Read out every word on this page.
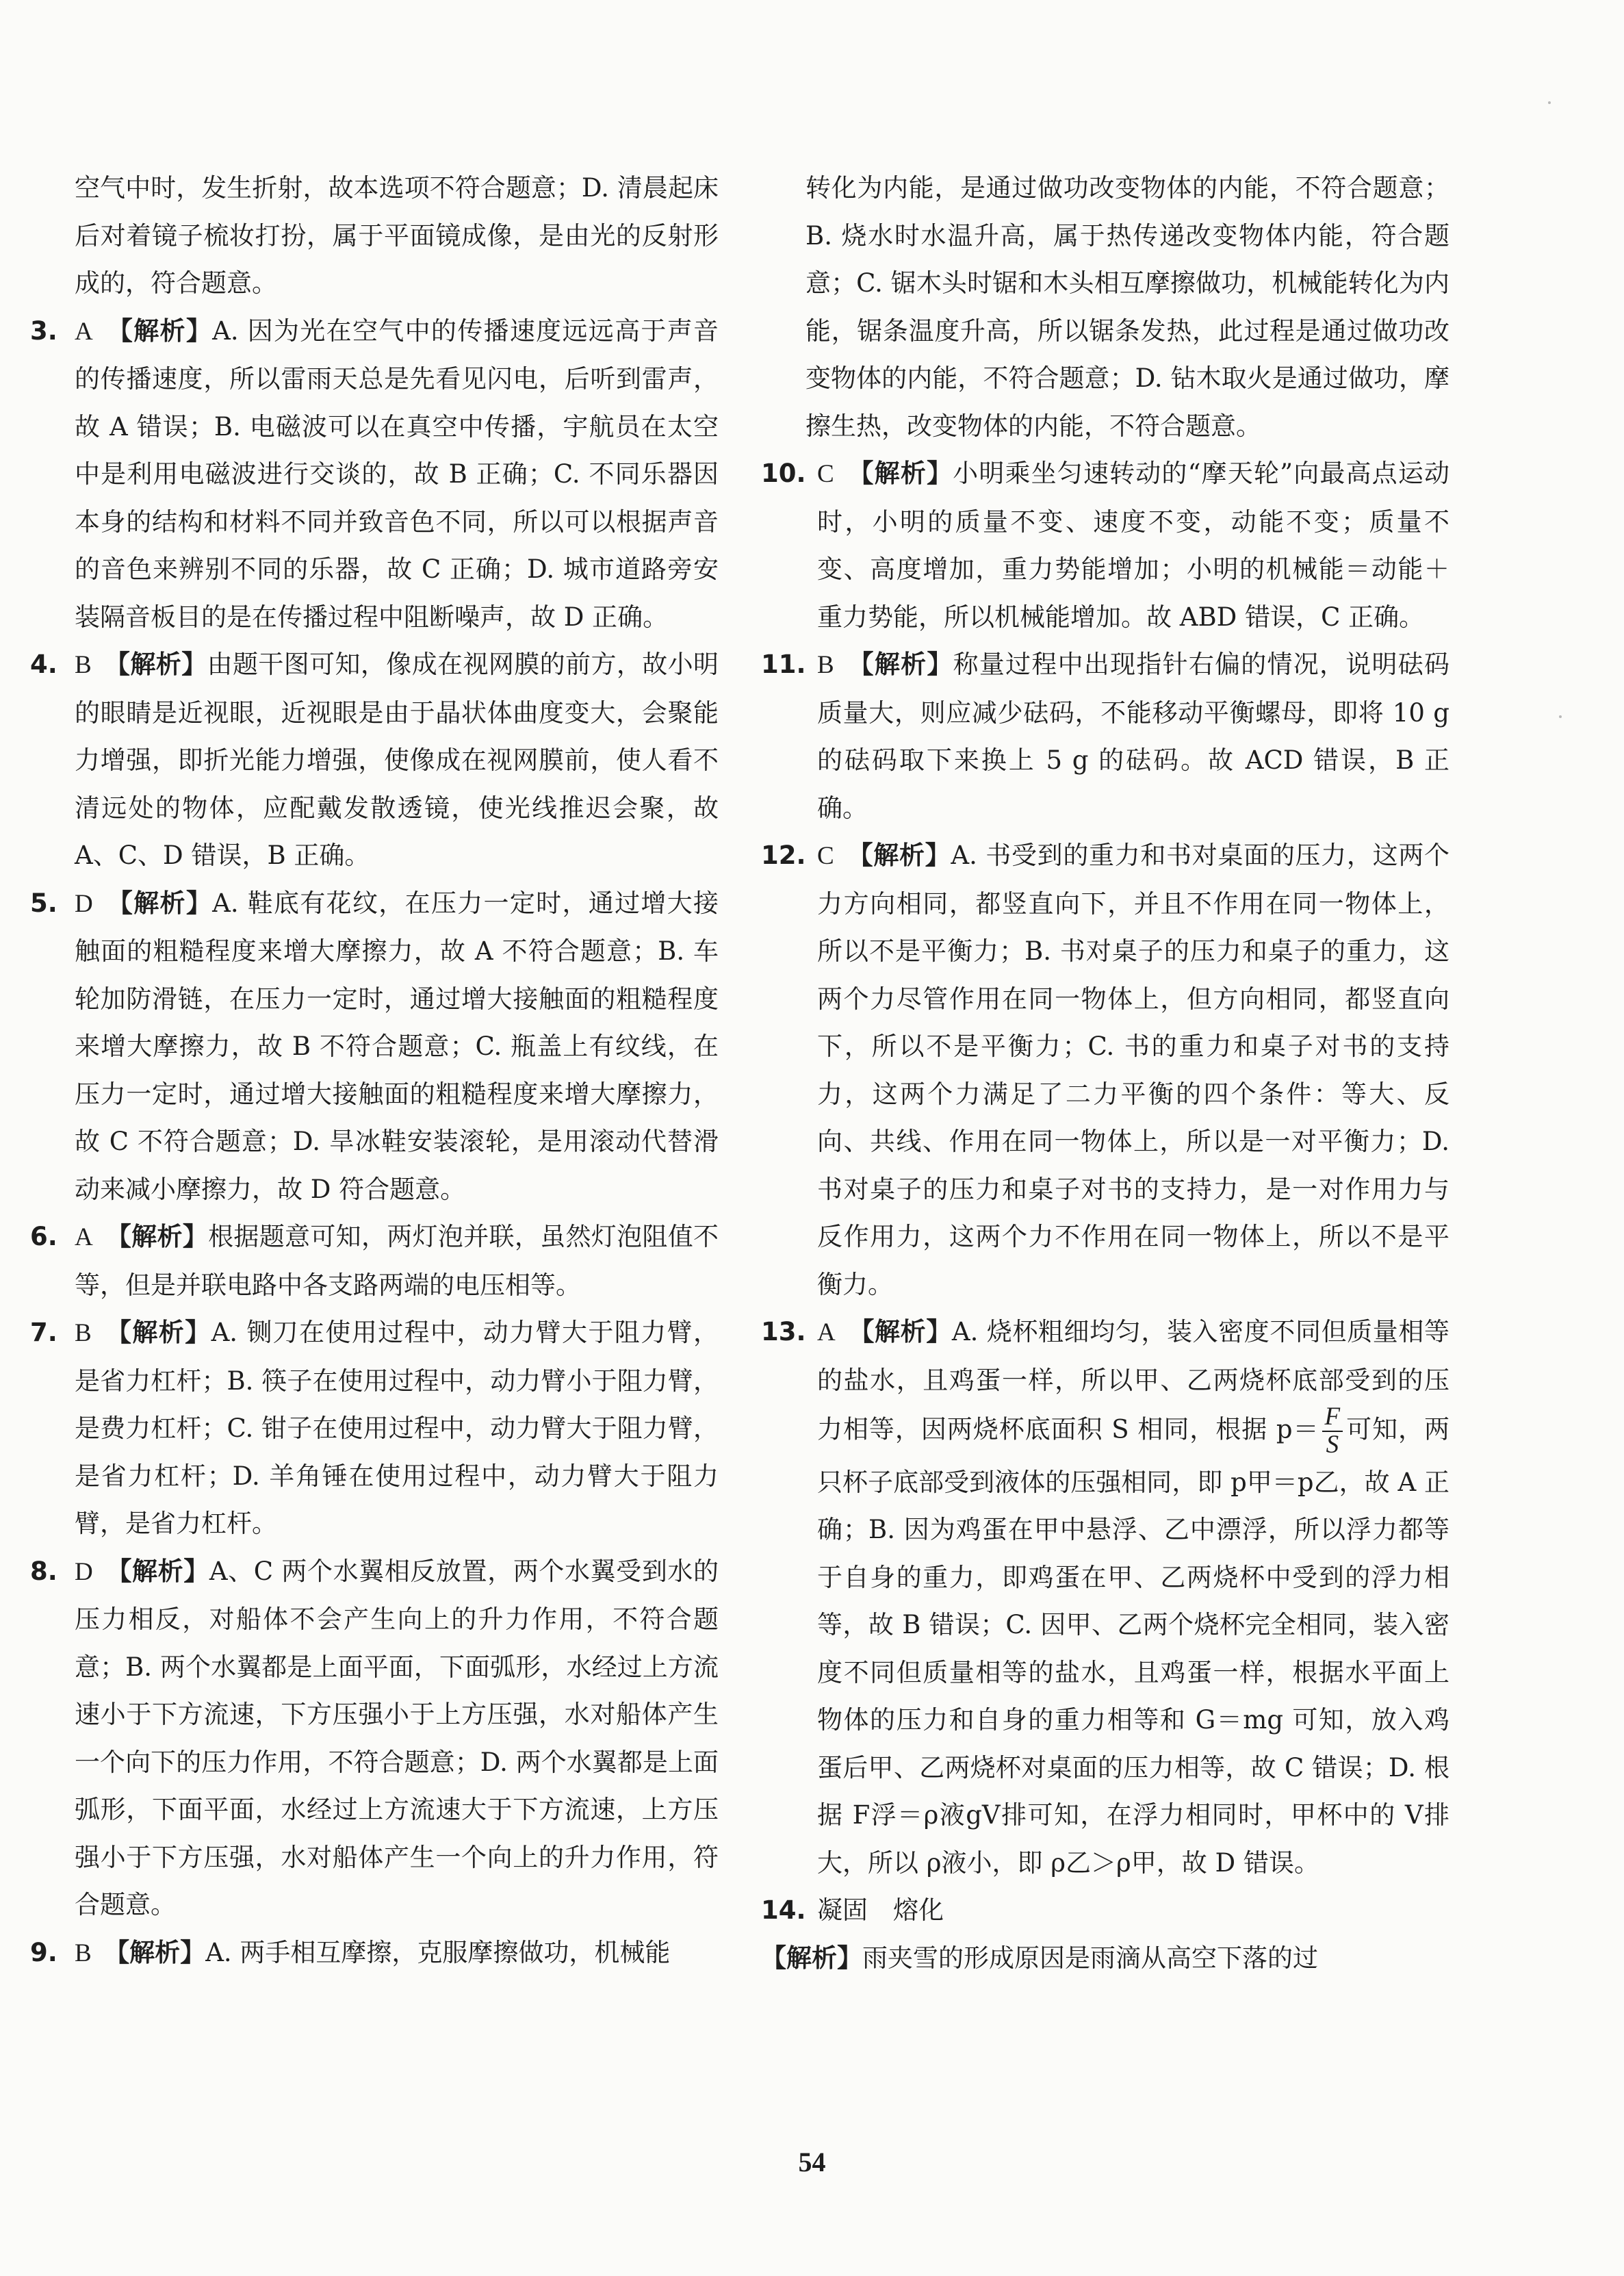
空气中时，发生折射，故本选项不符合题意；D. 清晨起床后对着镜子梳妆打扮，属于平面镜成像，是由光的反射形成的，符合题意。
3. A　 【解析】A. 因为光在空气中的传播速度远远高于声音的传播速度，所以雷雨天总是先看见闪电，后听到雷声，故 A 错误；B. 电磁波可以在真空中传播，宇航员在太空中是利用电磁波进行交谈的，故 B 正确；C. 不同乐器因本身的结构和材料不同并致音色不同，所以可以根据声音的音色来辨别不同的乐器，故 C 正确；D. 城市道路旁安装隔音板目的是在传播过程中阻断噪声，故 D 正确。
4. B　 【解析】由题干图可知，像成在视网膜的前方，故小明的眼睛是近视眼，近视眼是由于晶状体曲度变大，会聚能力增强，即折光能力增强，使像成在视网膜前，使人看不清远处的物体，应配戴发散透镜，使光线推迟会聚，故 A、C、D 错误，B 正确。
5. D　 【解析】A. 鞋底有花纹，在压力一定时，通过增大接触面的粗糙程度来增大摩擦力，故 A 不符合题意；B. 车轮加防滑链，在压力一定时，通过增大接触面的粗糙程度来增大摩擦力，故 B 不符合题意；C. 瓶盖上有纹线，在压力一定时，通过增大接触面的粗糙程度来增大摩擦力，故 C 不符合题意；D. 旱冰鞋安装滚轮，是用滚动代替滑动来减小摩擦力，故 D 符合题意。
6. A　 【解析】根据题意可知，两灯泡并联，虽然灯泡阻值不等，但是并联电路中各支路两端的电压相等。
7. B　 【解析】A. 铡刀在使用过程中，动力臂大于阻力臂，是省力杠杆；B. 筷子在使用过程中，动力臂小于阻力臂，是费力杠杆；C. 钳子在使用过程中，动力臂大于阻力臂，是省力杠杆；D. 羊角锤在使用过程中，动力臂大于阻力臂，是省力杠杆。
8. D　 【解析】A、C 两个水翼相反放置，两个水翼受到水的压力相反，对船体不会产生向上的升力作用，不符合题意；B. 两个水翼都是上面平面，下面弧形，水经过上方流速小于下方流速，下方压强小于上方压强，水对船体产生一个向下的压力作用，不符合题意；D. 两个水翼都是上面弧形，下面平面，水经过上方流速大于下方流速，上方压强小于下方压强，水对船体产生一个向上的升力作用，符合题意。
9. B　 【解析】A. 两手相互摩擦，克服摩擦做功，机械能
转化为内能，是通过做功改变物体的内能，不符合题意；B. 烧水时水温升高，属于热传递改变物体内能，符合题意；C. 锯木头时锯和木头相互摩擦做功，机械能转化为内能，锯条温度升高，所以锯条发热，此过程是通过做功改变物体的内能，不符合题意；D. 钻木取火是通过做功，摩擦生热，改变物体的内能，不符合题意。
10. C　 【解析】小明乘坐匀速转动的“摩天轮”向最高点运动时，小明的质量不变、速度不变，动能不变；质量不变、高度增加，重力势能增加；小明的机械能＝动能＋重力势能，所以机械能增加。故 ABD 错误，C 正确。
11. B　 【解析】称量过程中出现指针右偏的情况，说明砝码质量大，则应减少砝码，不能移动平衡螺母，即将 10 g 的砝码取下来换上 5 g 的砝码。故 ACD 错误，B 正确。
12. C　 【解析】A. 书受到的重力和书对桌面的压力，这两个力方向相同，都竖直向下，并且不作用在同一物体上，所以不是平衡力；B. 书对桌子的压力和桌子的重力，这两个力尽管作用在同一物体上，但方向相同，都竖直向下，所以不是平衡力；C. 书的重力和桌子对书的支持力，这两个力满足了二力平衡的四个条件：等大、反向、共线、作用在同一物体上，所以是一对平衡力；D. 书对桌子的压力和桌子对书的支持力，是一对作用力与反作用力，这两个力不作用在同一物体上，所以不是平衡力。
13. A　 【解析】A. 烧杯粗细均匀，装入密度不同但质量相等的盐水，且鸡蛋一样，所以甲、乙两烧杯底部受到的压力相等，因两烧杯底面积 S 相同，根据 $p= \frac{F}{S}$ 可知，两只杯子底部受到液体的压强相同，即 p甲＝p乙，故 A 正确；B. 因为鸡蛋在甲中悬浮、乙中漂浮，所以浮力都等于自身的重力，即鸡蛋在甲、乙两烧杯中受到的浮力相等，故 B 错误；C. 因甲、乙两个烧杯完全相同，装入密度不同但质量相等的盐水，且鸡蛋一样，根据水平面上物体的压力和自身的重力相等和 G＝mg 可知，放入鸡蛋后甲、乙两烧杯对桌面的压力相等，故 C 错误；D. 根据 F浮＝ρ液gV排可知，在浮力相同时，甲杯中的 V排大，所以 ρ液小，即 ρ乙＞ρ甲，故 D 错误。
14. 凝固　熔化
【解析】雨夹雪的形成原因是雨滴从高空下落的过
54
